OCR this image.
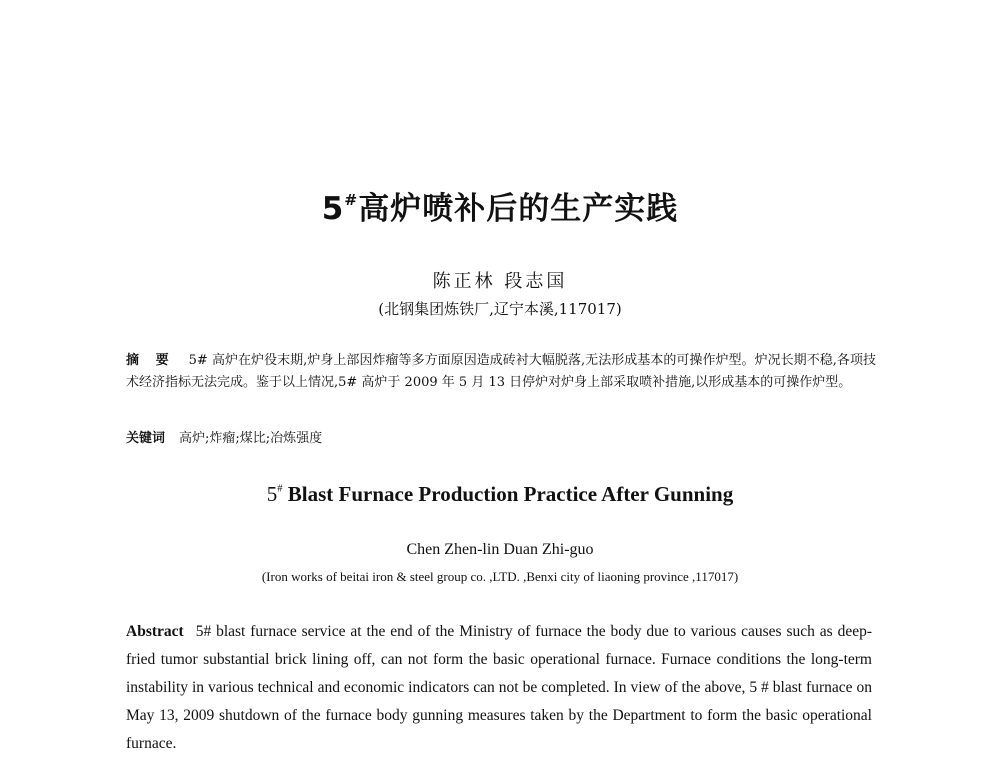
5#高炉喷补后的生产实践
陈正林 段志国
(北钢集团炼铁厂,辽宁本溪,117017)
摘 要 5# 高炉在炉役末期,炉身上部因炸瘤等多方面原因造成砖衬大幅脱落,无法形成基本的可操作炉型。炉况长期不稳,各项技术经济指标无法完成。鉴于以上情况,5# 高炉于 2009 年 5 月 13 日停炉对炉身上部采取喷补措施,以形成基本的可操作炉型。
关键词 高炉;炸瘤;煤比;冶炼强度
5# Blast Furnace Production Practice After Gunning
Chen Zhen-lin Duan Zhi-guo
(Iron works of beitai iron & steel group co. ,LTD. ,Benxi city of liaoning province ,117017)
Abstract 5# blast furnace service at the end of the Ministry of furnace the body due to various causes such as deep-fried tumor substantial brick lining off, can not form the basic operational furnace. Furnace conditions the long-term instability in various technical and economic indicators can not be completed. In view of the above, 5 # blast furnace on May 13, 2009 shutdown of the furnace body gunning measures taken by the Department to form the basic operational furnace.
